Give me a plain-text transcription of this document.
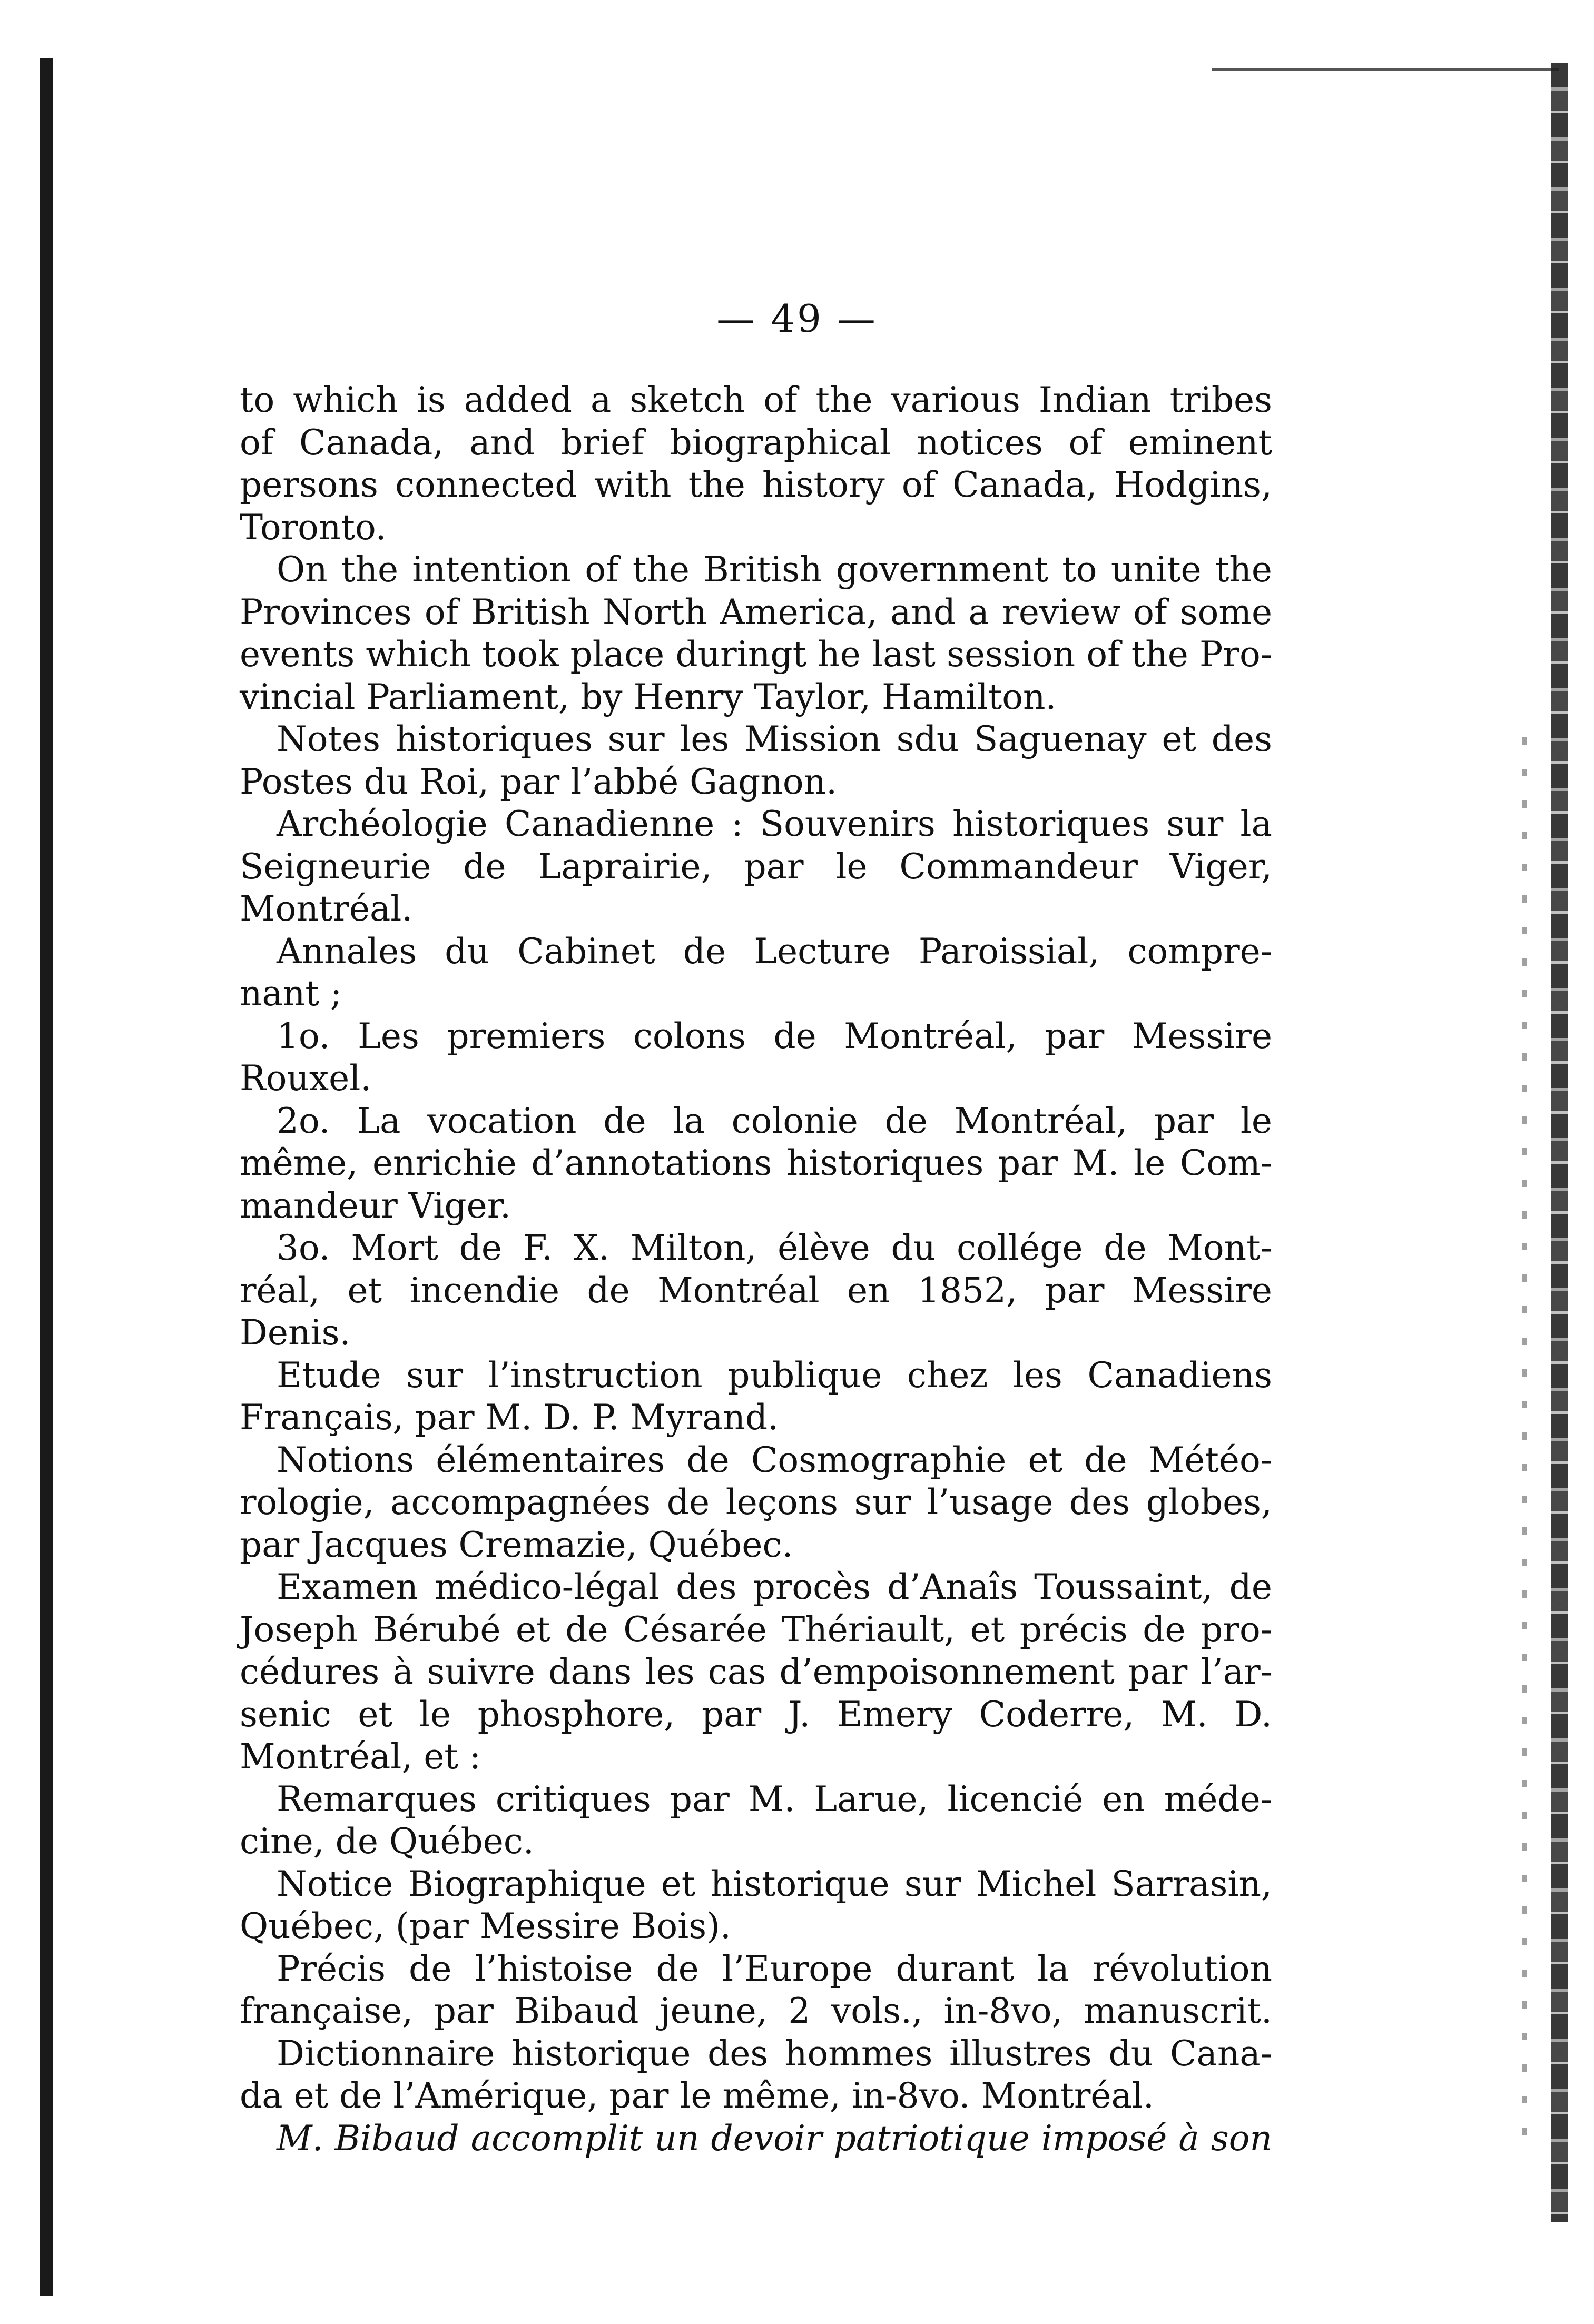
— 49 —
to which is added a sketch of the various Indian tribes
of Canada, and brief biographical notices of eminent
persons connected with the history of Canada, Hodgins,
Toronto.
On the intention of the British government to unite the
Provinces of British North America, and a review of some
events which took place duringt he last session of the Pro-
vincial Parliament, by Henry Taylor, Hamilton.
Notes historiques sur les Mission sdu Saguenay et des
Postes du Roi, par l’abbé Gagnon.
Archéologie Canadienne : Souvenirs historiques sur la
Seigneurie de Laprairie, par le Commandeur Viger,
Montréal.
Annales du Cabinet de Lecture Paroissial, compre-
nant ;
1o. Les premiers colons de Montréal, par Messire
Rouxel.
2o. La vocation de la colonie de Montréal, par le
même, enrichie d’annotations historiques par M. le Com-
mandeur Viger.
3o. Mort de F. X. Milton, élève du collége de Mont-
réal, et incendie de Montréal en 1852, par Messire
Denis.
Etude sur l’instruction publique chez les Canadiens
Français, par M. D. P. Myrand.
Notions élémentaires de Cosmographie et de Météo-
rologie, accompagnées de leçons sur l’usage des globes,
par Jacques Cremazie, Québec.
Examen médico-légal des procès d’Anaîs Toussaint, de
Joseph Bérubé et de Césarée Thériault, et précis de pro-
cédures à suivre dans les cas d’empoisonnement par l’ar-
senic et le phosphore, par J. Emery Coderre, M. D.
Montréal, et :
Remarques critiques par M. Larue, licencié en méde-
cine, de Québec.
Notice Biographique et historique sur Michel Sarrasin,
Québec, (par Messire Bois).
Précis de l’histoise de l’Europe durant la révolution
française, par Bibaud jeune, 2 vols., in-8vo, manuscrit.
Dictionnaire historique des hommes illustres du Cana-
da et de l’Amérique, par le même, in-8vo. Montréal.
M. Bibaud accomplit un devoir patriotique imposé à son
